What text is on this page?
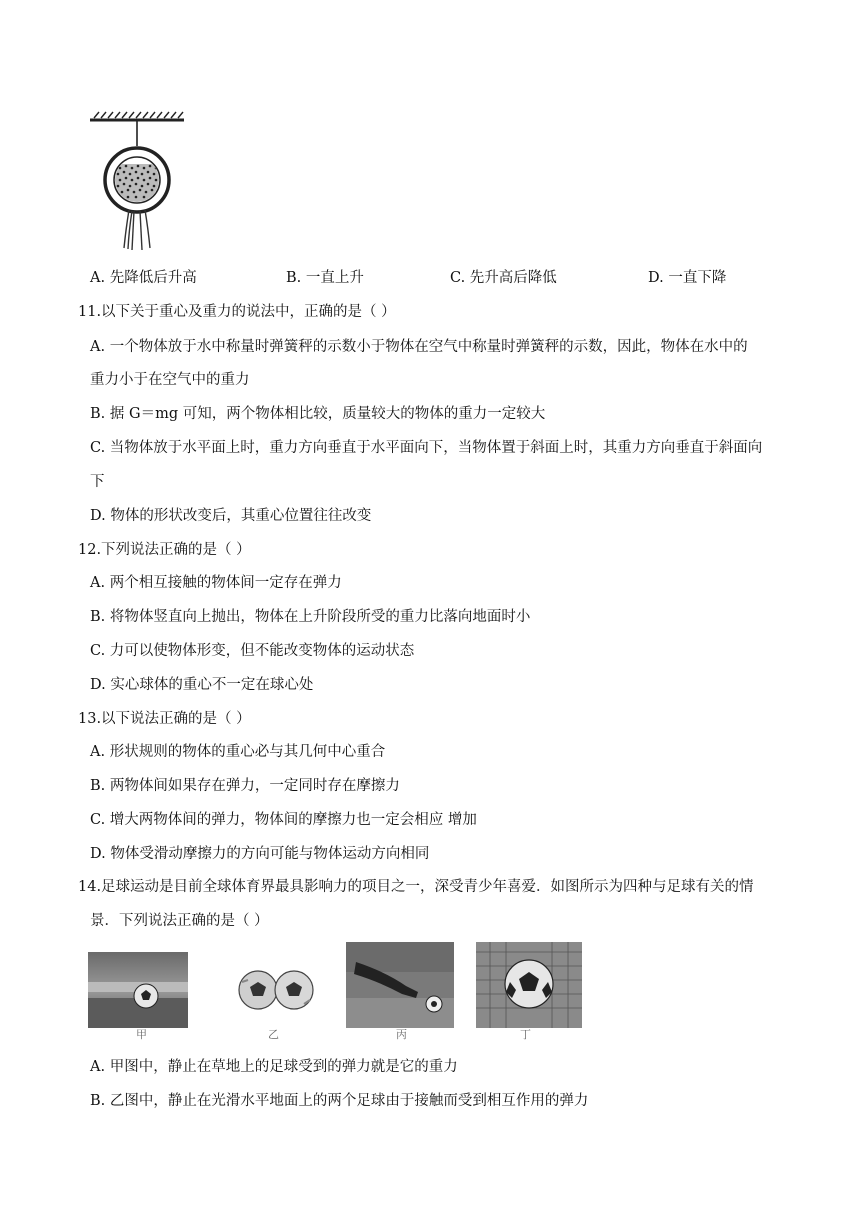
A. 先降低后升高	B. 一直上升	C. 先升高后降低	D. 一直下降
11.以下关于重心及重力的说法中，正确的是（ ）
A. 一个物体放于水中称量时弹簧秤的示数小于物体在空气中称量时弹簧秤的示数，因此，物体在水中的
重力小于在空气中的重力
B. 据 G＝mg 可知，两个物体相比较，质量较大的物体的重力一定较大
C. 当物体放于水平面上时，重力方向垂直于水平面向下，当物体置于斜面上时，其重力方向垂直于斜面向
下
D. 物体的形状改变后，其重心位置往往改变
12.下列说法正确的是（ ）
A. 两个相互接触的物体间一定存在弹力
B. 将物体竖直向上抛出，物体在上升阶段所受的重力比落向地面时小
C. 力可以使物体形变，但不能改变物体的运动状态
D. 实心球体的重心不一定在球心处
13.以下说法正确的是（ ）
A. 形状规则的物体的重心必与其几何中心重合
B. 两物体间如果存在弹力，一定同时存在摩擦力
C. 增大两物体间的弹力，物体间的摩擦力也一定会相应 增加
D. 物体受滑动摩擦力的方向可能与物体运动方向相同
14.足球运动是目前全球体育界最具影响力的项目之一，深受青少年喜爱．如图所示为四种与足球有关的情
景．下列说法正确的是（ ）
甲	乙	丙	丁
A. 甲图中，静止在草地上的足球受到的弹力就是它的重力
B. 乙图中，静止在光滑水平地面上的两个足球由于接触而受到相互作用的弹力
